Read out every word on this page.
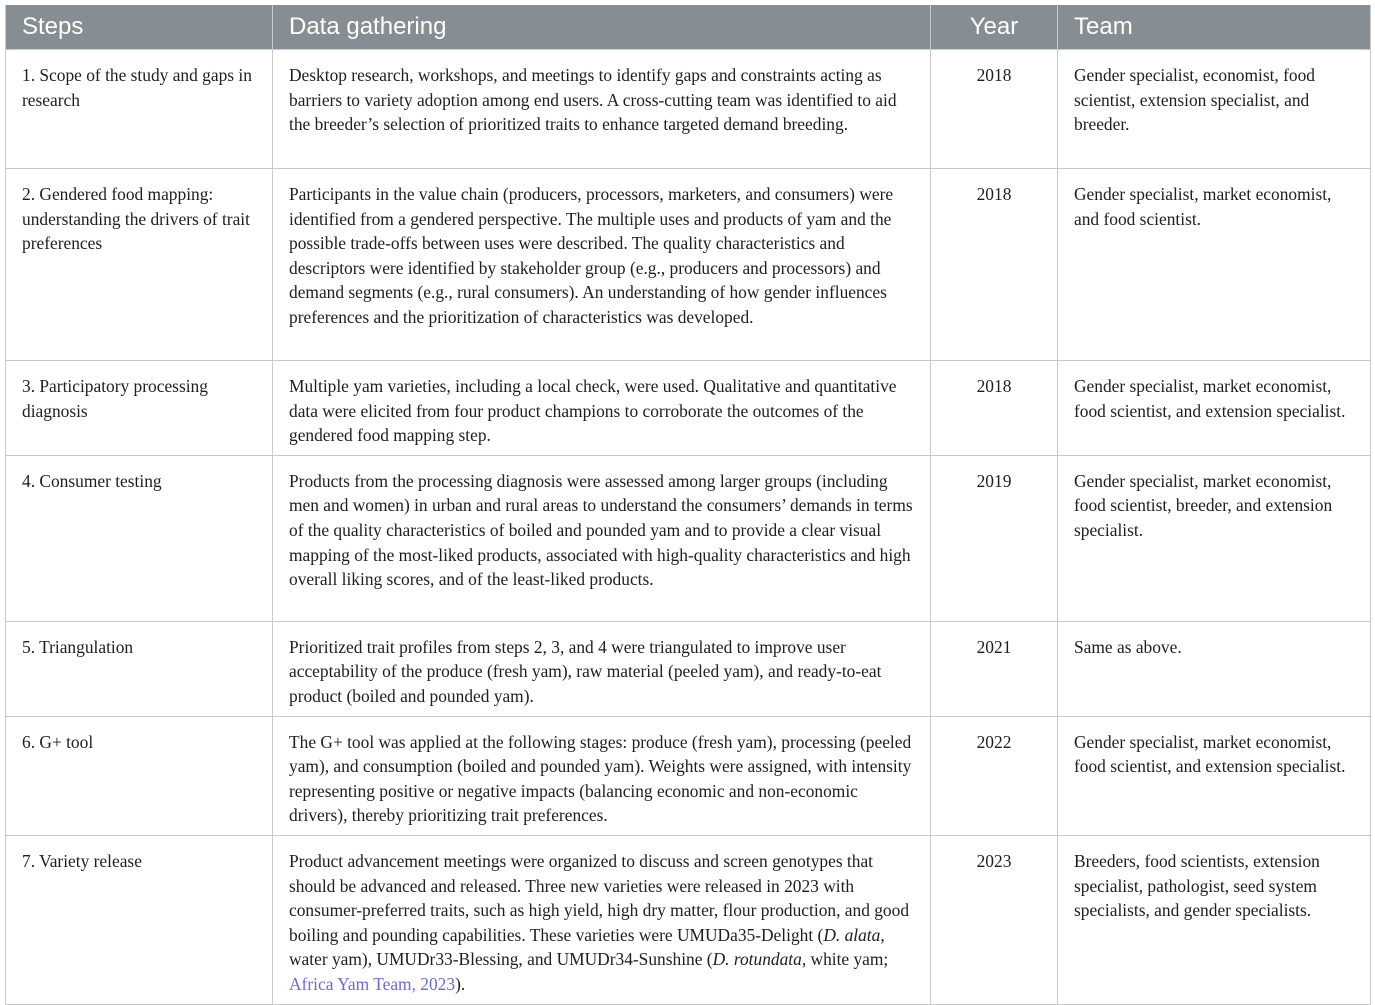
Steps	Data gathering	Year	Team
1. Scope of the study and gaps in research	Desktop research, workshops, and meetings to identify gaps and constraints acting as barriers to variety adoption among end users. A cross-cutting team was identified to aid the breeder’s selection of prioritized traits to enhance targeted demand breeding.	2018	Gender specialist, economist, food scientist, extension specialist, and breeder.
2. Gendered food mapping: understanding the drivers of trait preferences	Participants in the value chain (producers, processors, marketers, and consumers) were identified from a gendered perspective. The multiple uses and products of yam and the possible trade-offs between uses were described. The quality characteristics and descriptors were identified by stakeholder group (e.g., producers and processors) and demand segments (e.g., rural consumers). An understanding of how gender influences preferences and the prioritization of characteristics was developed.	2018	Gender specialist, market economist, and food scientist.
3. Participatory processing diagnosis	Multiple yam varieties, including a local check, were used. Qualitative and quantitative data were elicited from four product champions to corroborate the outcomes of the gendered food mapping step.	2018	Gender specialist, market economist, food scientist, and extension specialist.
4. Consumer testing	Products from the processing diagnosis were assessed among larger groups (including men and women) in urban and rural areas to understand the consumers’ demands in terms of the quality characteristics of boiled and pounded yam and to provide a clear visual mapping of the most-liked products, associated with high-quality characteristics and high overall liking scores, and of the least-liked products.	2019	Gender specialist, market economist, food scientist, breeder, and extension specialist.
5. Triangulation	Prioritized trait profiles from steps 2, 3, and 4 were triangulated to improve user acceptability of the produce (fresh yam), raw material (peeled yam), and ready-to-eat product (boiled and pounded yam).	2021	Same as above.
6. G+ tool	The G+ tool was applied at the following stages: produce (fresh yam), processing (peeled yam), and consumption (boiled and pounded yam). Weights were assigned, with intensity representing positive or negative impacts (balancing economic and non-economic drivers), thereby prioritizing trait preferences.	2022	Gender specialist, market economist, food scientist, and extension specialist.
7. Variety release	Product advancement meetings were organized to discuss and screen genotypes that should be advanced and released. Three new varieties were released in 2023 with consumer-preferred traits, such as high yield, high dry matter, flour production, and good boiling and pounding capabilities. These varieties were UMUDa35-Delight (D. alata, water yam), UMUDr33-Blessing, and UMUDr34-Sunshine (D. rotundata, white yam; Africa Yam Team, 2023).	2023	Breeders, food scientists, extension specialist, pathologist, seed system specialists, and gender specialists.
